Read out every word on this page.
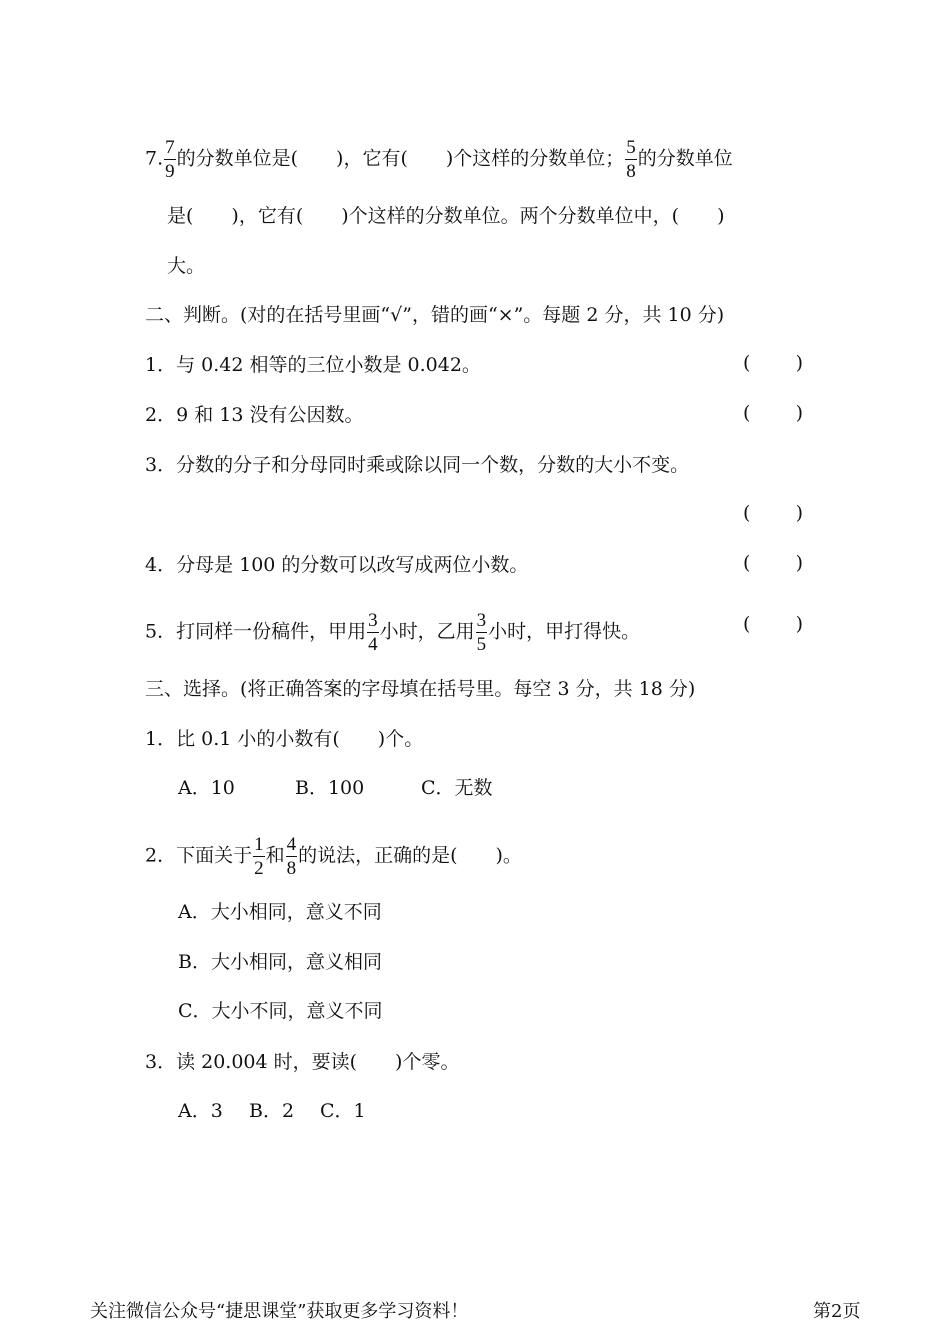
7. $\frac{7}{9}$ 的分数单位是(　　)，它有(　　)个这样的分数单位； $\frac{5}{8}$ 的分数单位
是(　　)，它有(　　)个这样的分数单位。两个分数单位中，(　　)
大。
二、判断。(对的在括号里画“√”，错的画“×”。每题 2 分，共 10 分)
1．与 0.42 相等的三位小数是 0.042。	( )
2．9 和 13 没有公因数。	( )
3．分数的分子和分母同时乘或除以同一个数，分数的大小不变。
( )
4．分母是 100 的分数可以改写成两位小数。	( )
5．打同样一份稿件，甲用 $\frac{3}{4}$ 小时，乙用 $\frac{3}{5}$ 小时，甲打得快。	( )
三、选择。(将正确答案的字母填在括号里。每空 3 分，共 18 分)
1．比 0.1 小的小数有(　　)个。
A．10	B．100	C．无数
2．下面关于 $\frac{1}{2}$ 和 $\frac{4}{8}$ 的说法，正确的是(　　)。
A．大小相同，意义不同
B．大小相同，意义相同
C．大小不同，意义不同
3．读 20.004 时，要读(　　)个零。
A．3 B．2 C．1
关注微信公众号“捷思课堂”获取更多学习资料！	第2页
